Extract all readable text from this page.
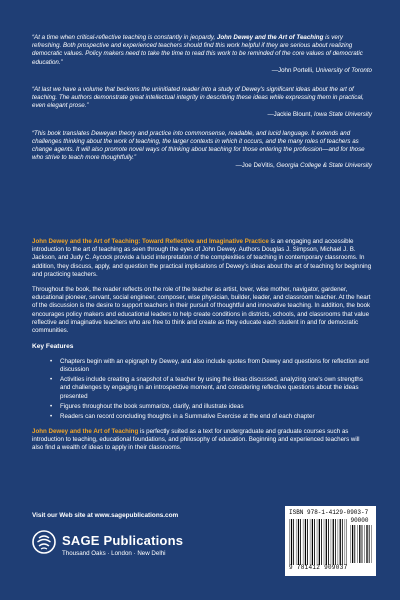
“At a time when critical-reflective teaching is constantly in jeopardy, John Dewey and the Art of Teaching is very refreshing. Both prospective and experienced teachers should find this work helpful if they are serious about realizing democratic values. Policy makers need to take the time to read this work to be reminded of the core values of democratic education.”
—John Portelli, University of Toronto
“At last we have a volume that beckons the uninitiated reader into a study of Dewey's significant ideas about the art of teaching. The authors demonstrate great intellectual integrity in describing these ideas while expressing them in practical, even elegant prose.”
—Jackie Blount, Iowa State University
“This book translates Deweyan theory and practice into commonsense, readable, and lucid language. It extends and challenges thinking about the work of teaching, the larger contexts in which it occurs, and the many roles of teachers as change agents. It will also promote novel ways of thinking about teaching for those entering the profession—and for those who strive to teach more thoughtfully.”
—Joe DeVitis, Georgia College & State University

John Dewey and the Art of Teaching: Toward Reflective and Imaginative Practice is an engaging and accessible introduction to the art of teaching as seen through the eyes of John Dewey. Authors Douglas J. Simpson, Michael J. B. Jackson, and Judy C. Aycock provide a lucid interpretation of the complexities of teaching in contemporary classrooms. In addition, they discuss, apply, and question the practical implications of Dewey's ideas about the art of teaching for beginning and practicing teachers.

Throughout the book, the reader reflects on the role of the teacher as artist, lover, wise mother, navigator, gardener, educational pioneer, servant, social engineer, composer, wise physician, builder, leader, and classroom teacher. At the heart of the discussion is the desire to support teachers in their pursuit of thoughtful and innovative teaching. In addition, the book encourages policy makers and educational leaders to help create conditions in districts, schools, and classrooms that value reflective and imaginative teachers who are free to think and create as they educate each student in and for democratic communities.

Key Features
• Chapters begin with an epigraph by Dewey, and also include quotes from Dewey and questions for reflection and discussion
• Activities include creating a snapshot of a teacher by using the ideas discussed, analyzing one's own strengths and challenges by engaging in an introspective moment, and considering reflective questions about the ideas presented
• Figures throughout the book summarize, clarify, and illustrate ideas
• Readers can record concluding thoughts in a Summative Exercise at the end of each chapter

John Dewey and the Art of Teaching is perfectly suited as a text for undergraduate and graduate courses such as introduction to teaching, educational foundations, and philosophy of education. Beginning and experienced teachers will also find a wealth of ideas to apply in their classrooms.

Visit our Web site at www.sagepublications.com
SAGE Publications
Thousand Oaks · London · New Delhi
ISBN 978-1-4129-0903-7
90000
9 781412 909037
